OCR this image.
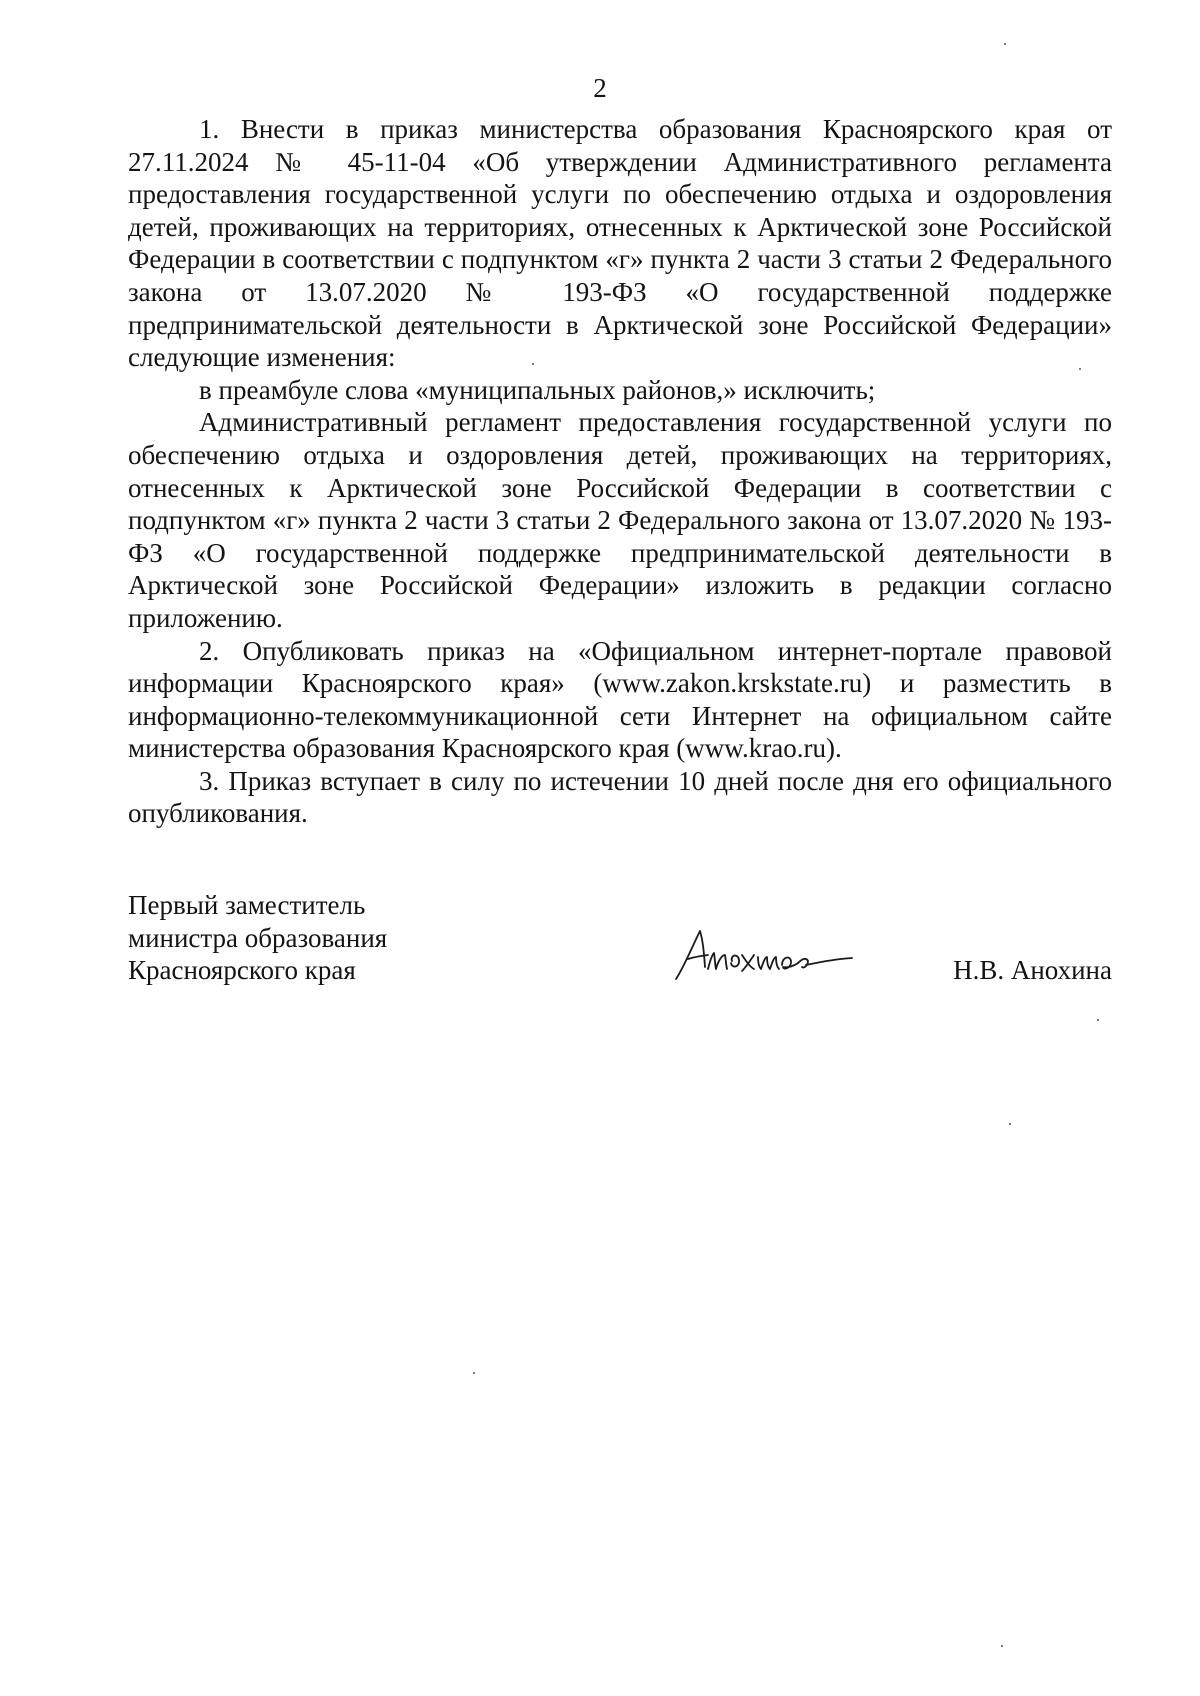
2

1. Внести в приказ министерства образования Красноярского края от 27.11.2024 № 45-11-04 «Об утверждении Административного регламента предоставления государственной услуги по обеспечению отдыха и оздоровления детей, проживающих на территориях, отнесенных к Арктической зоне Российской Федерации в соответствии с подпунктом «г» пункта 2 части 3 статьи 2 Федерального закона от 13.07.2020 № 193-ФЗ «О государственной поддержке предпринимательской деятельности в Арктической зоне Российской Федерации» следующие изменения:

в преамбуле слова «муниципальных районов,» исключить;

Административный регламент предоставления государственной услуги по обеспечению отдыха и оздоровления детей, проживающих на территориях, отнесенных к Арктической зоне Российской Федерации в соответствии с подпунктом «г» пункта 2 части 3 статьи 2 Федерального закона от 13.07.2020 № 193-ФЗ «О государственной поддержке предпринимательской деятельности в Арктической зоне Российской Федерации» изложить в редакции согласно приложению.

2. Опубликовать приказ на «Официальном интернет-портале правовой информации Красноярского края» (www.zakon.krskstate.ru) и разместить в информационно-телекоммуникационной сети Интернет на официальном сайте министерства образования Красноярского края (www.krao.ru).

3. Приказ вступает в силу по истечении 10 дней после дня его официального опубликования.

Первый заместитель
министра образования
Красноярского края	Н.В. Анохина
